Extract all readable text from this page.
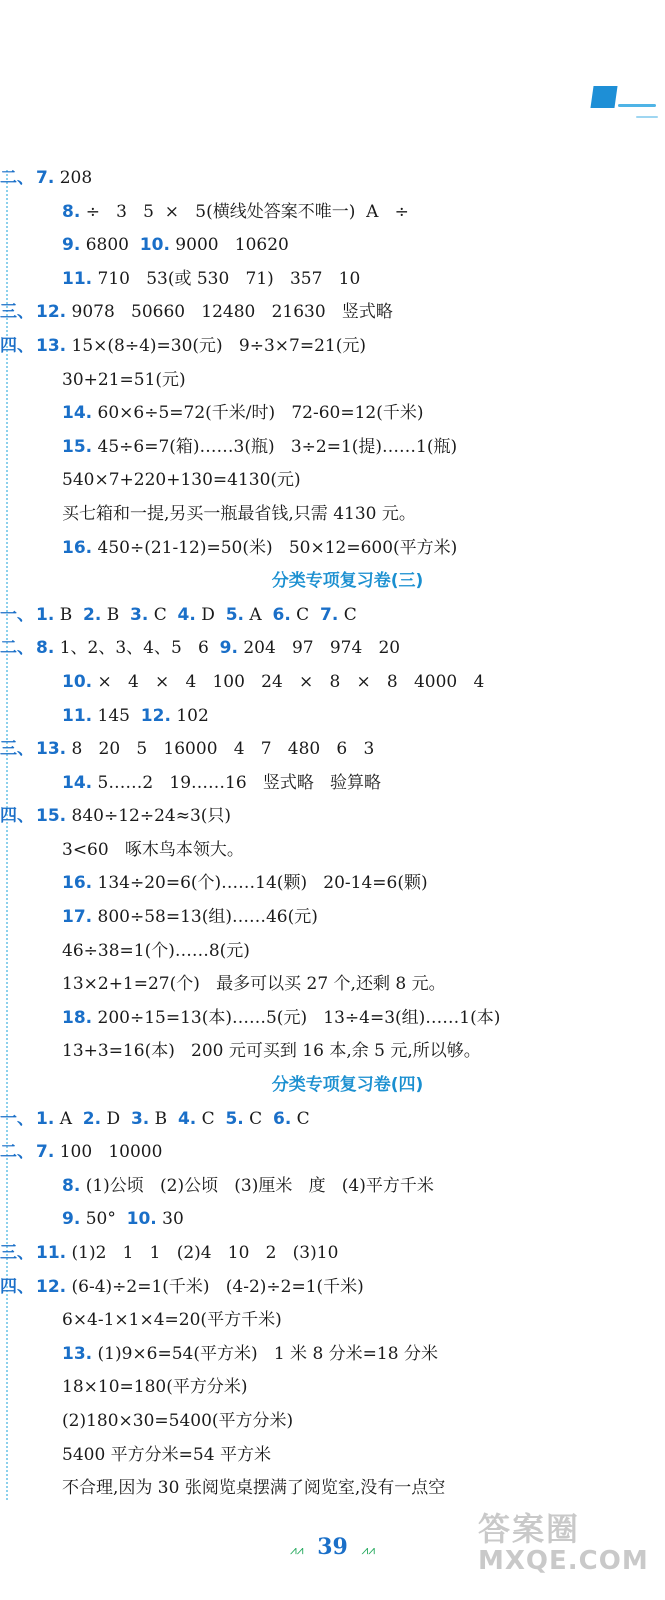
二、 7. 208
8. ÷   3   5  ×   5(横线处答案不唯一)  A   ÷
9. 6800  10. 9000   10620
11. 710   53(或 530   71)   357   10
三、 12. 9078   50660   12480   21630   竖式略
四、 13. 15×(8÷4)=30(元)   9÷3×7=21(元)
30+21=51(元)
14. 60×6÷5=72(千米/时)   72-60=12(千米)
15. 45÷6=7(箱)……3(瓶)   3÷2=1(提)……1(瓶)
540×7+220+130=4130(元)
买七箱和一提,另买一瓶最省钱,只需 4130 元。
16. 450÷(21-12)=50(米)   50×12=600(平方米)
分类专项复习卷(三)
一、 1. B  2. B  3. C  4. D  5. A  6. C  7. C
二、 8. 1、2、3、4、5   6  9. 204   97   974   20
10. ×   4   ×   4   100   24   ×   8   ×   8   4000   4
11. 145  12. 102
三、 13. 8   20   5   16000   4   7   480   6   3
14. 5……2   19……16   竖式略   验算略
四、 15. 840÷12÷24≈3(只)
3<60   啄木鸟本领大。
16. 134÷20=6(个)……14(颗)   20-14=6(颗)
17. 800÷58=13(组)……46(元)
46÷38=1(个)……8(元)
13×2+1=27(个)   最多可以买 27 个,还剩 8 元。
18. 200÷15=13(本)……5(元)   13÷4=3(组)……1(本)
13+3=16(本)   200 元可买到 16 本,余 5 元,所以够。
分类专项复习卷(四)
一、 1. A  2. D  3. B  4. C  5. C  6. C
二、 7. 100   10000
8. (1)公顷   (2)公顷   (3)厘米   度   (4)平方千米
9. 50°  10. 30
三、 11. (1)2   1   1   (2)4   10   2   (3)10
四、 12. (6-4)÷2=1(千米)   (4-2)÷2=1(千米)
6×4-1×1×4=20(平方千米)
13. (1)9×6=54(平方米)   1 米 8 分米=18 分米
18×10=180(平方分米)
(2)180×30=5400(平方分米)
5400 平方分米=54 平方米
不合理,因为 30 张阅览桌摆满了阅览室,没有一点空
⩘⩘ 39 ⩘⩘
答案圈
MXQE.COM
